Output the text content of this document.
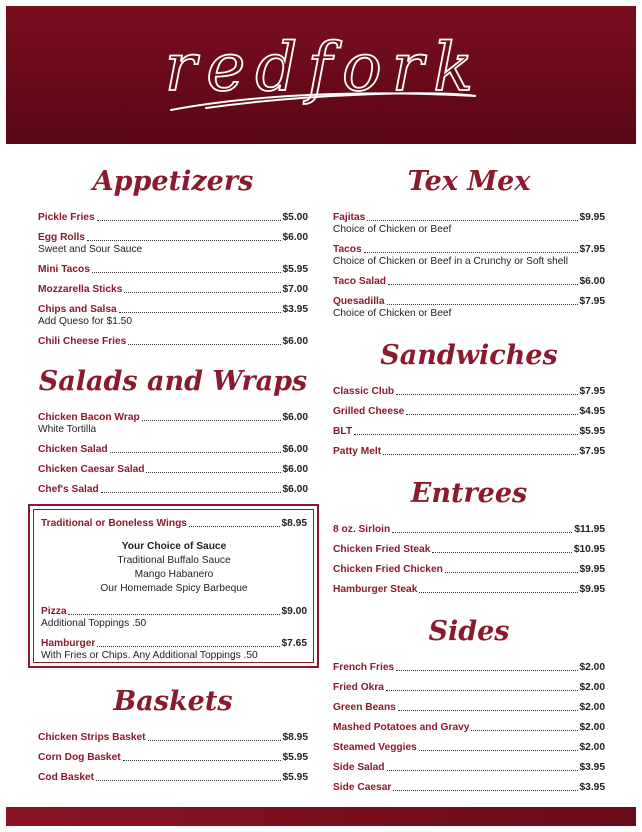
redfork
Appetizers
Pickle Fries	$5.00
Egg Rolls	$6.00
Sweet and Sour Sauce
Mini Tacos	$5.95
Mozzarella Sticks	$7.00
Chips and Salsa	$3.95
Add Queso for $1.50
Chili Cheese Fries	$6.00
Salads and Wraps
Chicken Bacon Wrap	$6.00
White Tortilla
Chicken Salad	$6.00
Chicken Caesar Salad	$6.00
Chef's Salad	$6.00
Traditional or Boneless Wings	$8.95
Your Choice of Sauce
Traditional Buffalo Sauce
Mango Habanero
Our Homemade Spicy Barbeque
Pizza	$9.00
Additional Toppings .50
Hamburger	$7.65
With Fries or Chips. Any Additional Toppings .50
Baskets
Chicken Strips Basket	$8.95
Corn Dog Basket	$5.95
Cod Basket	$5.95
Tex Mex
Fajitas	$9.95
Choice of Chicken or Beef
Tacos	$7.95
Choice of Chicken or Beef in a Crunchy or Soft shell
Taco Salad	$6.00
Quesadilla	$7.95
Choice of Chicken or Beef
Sandwiches
Classic Club	$7.95
Grilled Cheese	$4.95
BLT	$5.95
Patty Melt	$7.95
Entrees
8 oz. Sirloin	$11.95
Chicken Fried Steak	$10.95
Chicken Fried Chicken	$9.95
Hamburger Steak	$9.95
Sides
French Fries	$2.00
Fried Okra	$2.00
Green Beans	$2.00
Mashed Potatoes and Gravy	$2.00
Steamed Veggies	$2.00
Side Salad	$3.95
Side Caesar	$3.95
